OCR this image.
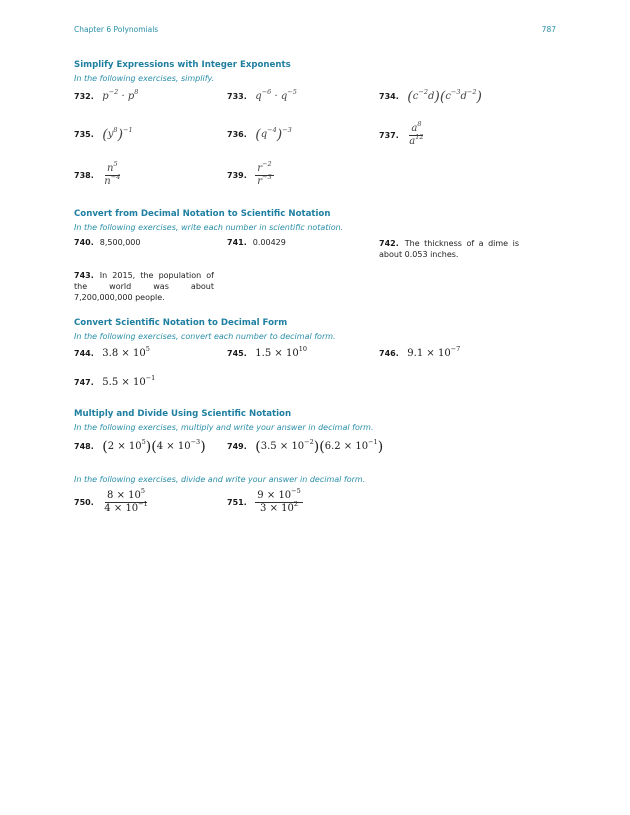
Chapter 6 Polynomials	787
Simplify Expressions with Integer Exponents
In the following exercises, simplify.
732. $p^{-2} \cdot p^8$	733. $q^{-6} \cdot q^{-5}$	734. $(c^{-2}d)(c^{-3}d^{-2})$
735. $(y^8)^{-1}$	736. $(q^{-4})^{-3}$
737. $\frac{a^8}{a^{12}}$
738. $\frac{n^5}{n^{-4}}$	739. $\frac{r^{-2}}{r^{-3}}$
Convert from Decimal Notation to Scientific Notation
In the following exercises, write each number in scientific notation.
740. 8,500,000	741. 0.00429	742. The thickness of a dime is about 0.053 inches.
743. In 2015, the population of the world was about 7,200,000,000 people.
Convert Scientific Notation to Decimal Form
In the following exercises, convert each number to decimal form.
744. $3.8 \times 10^5$	745. $1.5 \times 10^{10}$	746. $9.1 \times 10^{-7}$
747. $5.5 \times 10^{-1}$
Multiply and Divide Using Scientific Notation
In the following exercises, multiply and write your answer in decimal form.
748. $(2 \times 10^5)(4 \times 10^{-3})$	749. $(3.5 \times 10^{-2})(6.2 \times 10^{-1})$
In the following exercises, divide and write your answer in decimal form.
750. $\frac{8 \times 10^5}{4 \times 10^{-1}}$	751. $\frac{9 \times 10^{-5}}{3 \times 10^2}$
